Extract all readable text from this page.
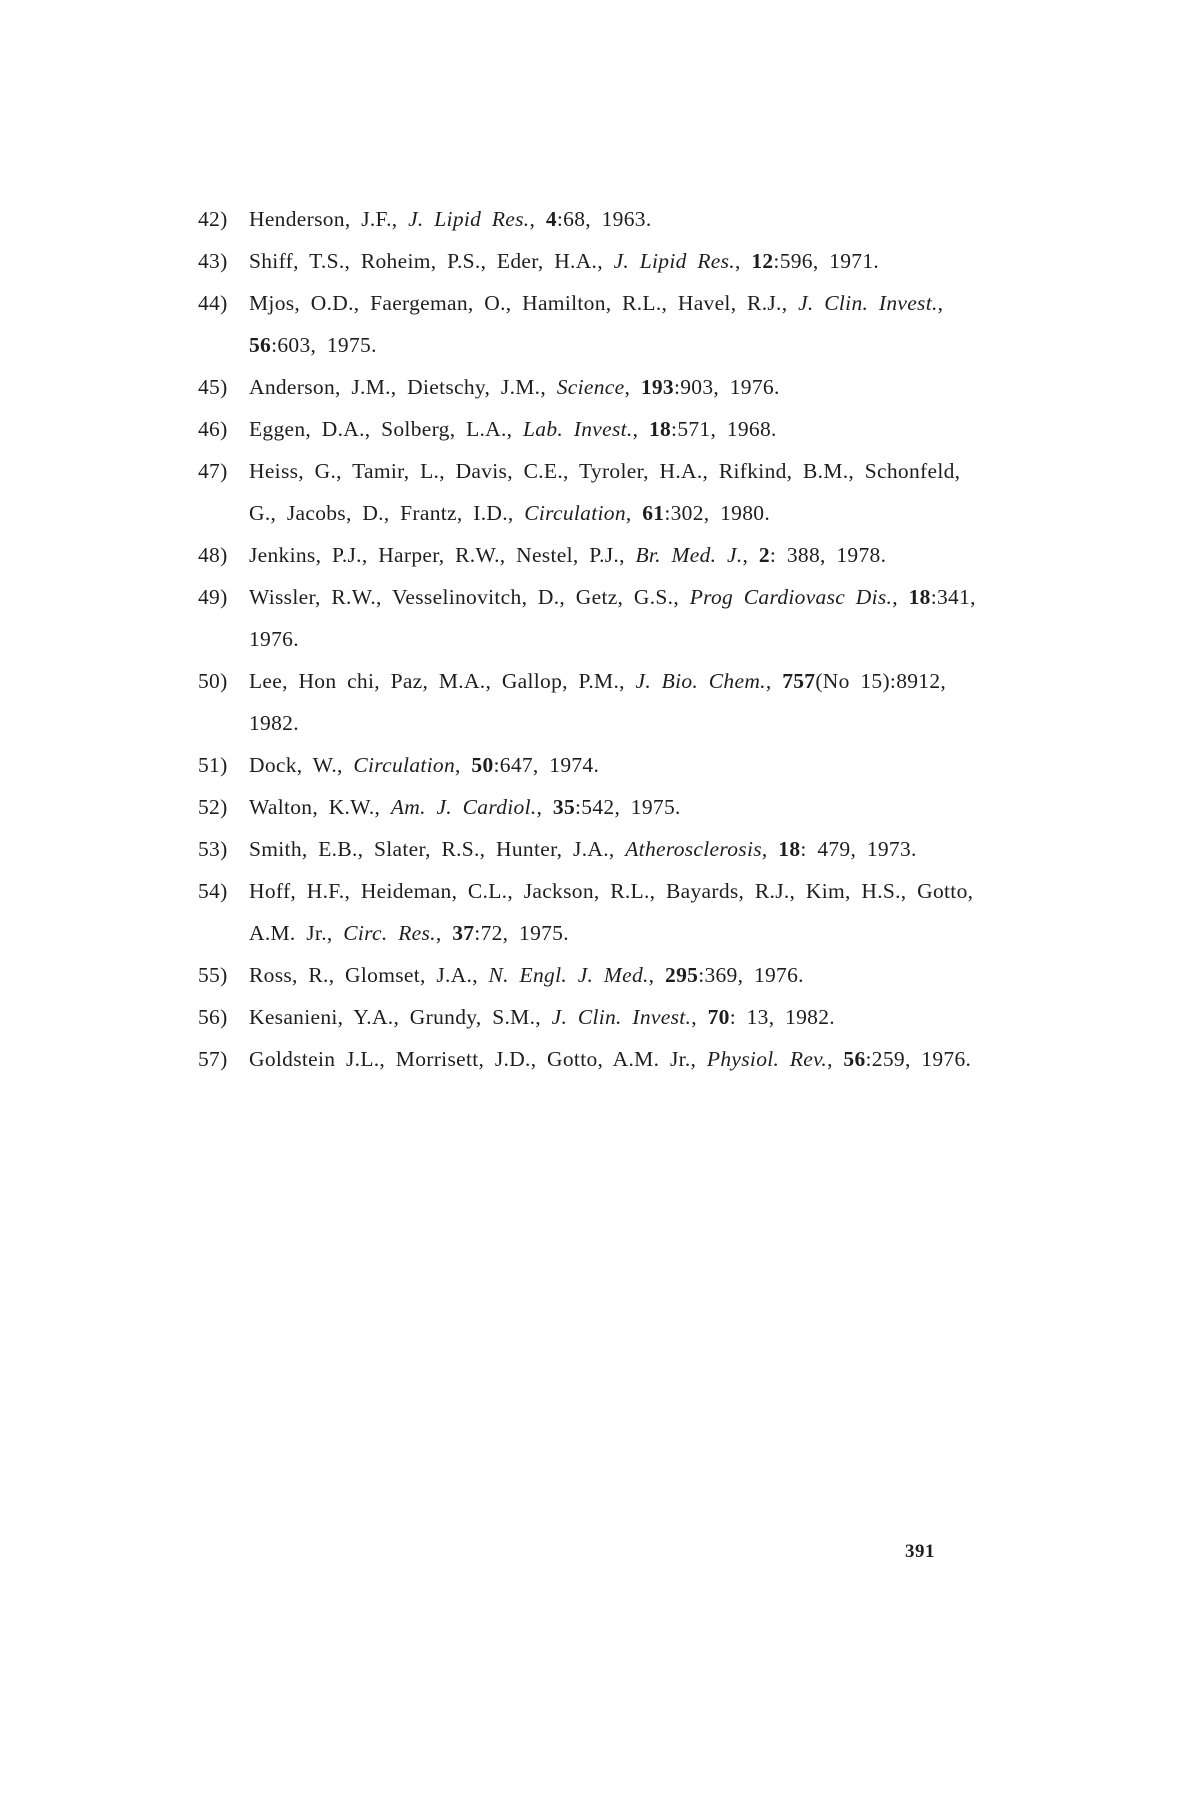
42) Henderson, J.F., J. Lipid Res., 4:68, 1963.

43) Shiff, T.S., Roheim, P.S., Eder, H.A., J. Lipid Res., 12:596, 1971.

44) Mjos, O.D., Faergeman, O., Hamilton, R.L., Havel, R.J., J. Clin. Invest., 56:603, 1975.

45) Anderson, J.M., Dietschy, J.M., Science, 193:903, 1976.

46) Eggen, D.A., Solberg, L.A., Lab. Invest., 18:571, 1968.

47) Heiss, G., Tamir, L., Davis, C.E., Tyroler, H.A., Rifkind, B.M., Schonfeld, G., Jacobs, D., Frantz, I.D., Circulation, 61:302, 1980.

48) Jenkins, P.J., Harper, R.W., Nestel, P.J., Br. Med. J., 2: 388, 1978.

49) Wissler, R.W., Vesselinovitch, D., Getz, G.S., Prog Cardiovasc Dis., 18:341, 1976.

50) Lee, Hon chi, Paz, M.A., Gallop, P.M., J. Bio. Chem., 757(No 15):8912, 1982.

51) Dock, W., Circulation, 50:647, 1974.

52) Walton, K.W., Am. J. Cardiol., 35:542, 1975.

53) Smith, E.B., Slater, R.S., Hunter, J.A., Atherosclerosis, 18: 479, 1973.

54) Hoff, H.F., Heideman, C.L., Jackson, R.L., Bayards, R.J., Kim, H.S., Gotto, A.M. Jr., Circ. Res., 37:72, 1975.

55) Ross, R., Glomset, J.A., N. Engl. J. Med., 295:369, 1976.

56) Kesanieni, Y.A., Grundy, S.M., J. Clin. Invest., 70: 13, 1982.

57) Goldstein J.L., Morrisett, J.D., Gotto, A.M. Jr., Physiol. Rev., 56:259, 1976.

391
